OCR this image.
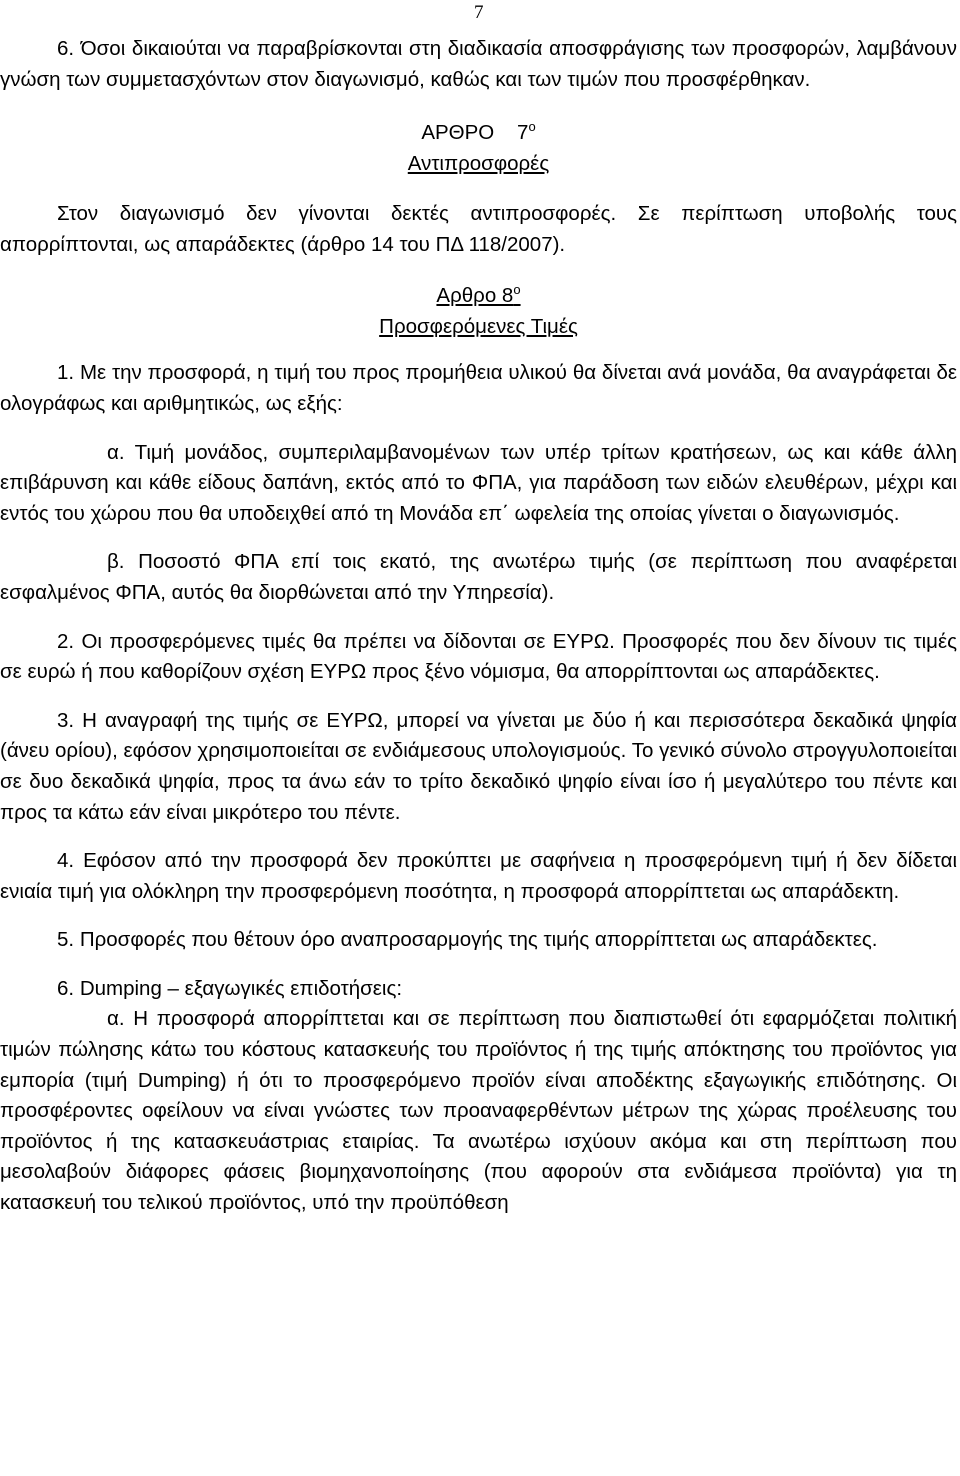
7

6. Όσοι δικαιούται να παραβρίσκονται στη διαδικασία αποσφράγισης των προσφορών, λαμβάνουν γνώση των συμμετασχόντων στον διαγωνισμό, καθώς και των τιμών που προσφέρθηκαν.

ΑΡΘΡΟ $7^o$
Αντιπροσφορές

Στον διαγωνισμό δεν γίνονται δεκτές αντιπροσφορές. Σε περίπτωση υποβολής τους απορρίπτονται, ως απαράδεκτες (άρθρο 14 του ΠΔ 118/2007).

Αρθρο $8^o$
Προσφερόμενες Τιμές

1. Με την προσφορά, η τιμή του προς προμήθεια υλικού θα δίνεται ανά μονάδα, θα αναγράφεται δε ολογράφως και αριθμητικώς, ως εξής:

α. Τιμή μονάδος, συμπεριλαμβανομένων των υπέρ τρίτων κρατήσεων, ως και κάθε άλλη επιβάρυνση και κάθε είδους δαπάνη, εκτός από το ΦΠΑ, για παράδοση των ειδών ελευθέρων, μέχρι και εντός του χώρου που θα υποδειχθεί από τη Μονάδα επ΄ ωφελεία της οποίας γίνεται ο διαγωνισμός.

β. Ποσοστό ΦΠΑ επί τοις εκατό, της ανωτέρω τιμής (σε περίπτωση που αναφέρεται εσφαλμένος ΦΠΑ, αυτός θα διορθώνεται από την Υπηρεσία).

2. Οι προσφερόμενες τιμές θα πρέπει να δίδονται σε ΕΥΡΩ. Προσφορές που δεν δίνουν τις τιμές σε ευρώ ή που καθορίζουν σχέση ΕΥΡΩ προς ξένο νόμισμα, θα απορρίπτονται ως απαράδεκτες.

3. Η αναγραφή της τιμής σε ΕΥΡΩ, μπορεί να γίνεται με δύο ή και περισσότερα δεκαδικά ψηφία (άνευ ορίου), εφόσον χρησιμοποιείται σε ενδιάμεσους υπολογισμούς. Το γενικό σύνολο στρογγυλοποιείται σε δυο δεκαδικά ψηφία, προς τα άνω εάν το τρίτο δεκαδικό ψηφίο είναι ίσο ή μεγαλύτερο του πέντε και προς τα κάτω εάν είναι μικρότερο του πέντε.

4. Εφόσον από την προσφορά δεν προκύπτει με σαφήνεια η προσφερόμενη τιμή ή δεν δίδεται ενιαία τιμή για ολόκληρη την προσφερόμενη ποσότητα, η προσφορά απορρίπτεται ως απαράδεκτη.

5. Προσφορές που θέτουν όρο αναπροσαρμογής της τιμής απορρίπτεται ως απαράδεκτες.

6. Dumping – εξαγωγικές επιδοτήσεις:

α. Η προσφορά απορρίπτεται και σε περίπτωση που διαπιστωθεί ότι εφαρμόζεται πολιτική τιμών πώλησης κάτω του κόστους κατασκευής του προϊόντος ή της τιμής απόκτησης του προϊόντος για εμπορία (τιμή Dumping) ή ότι το προσφερόμενο προϊόν είναι αποδέκτης εξαγωγικής επιδότησης. Οι προσφέροντες οφείλουν να είναι γνώστες των προαναφερθέντων μέτρων της χώρας προέλευσης του προϊόντος ή της κατασκευάστριας εταιρίας. Τα ανωτέρω ισχύουν ακόμα και στη περίπτωση που μεσολαβούν διάφορες φάσεις βιομηχανοποίησης (που αφορούν στα ενδιάμεσα προϊόντα) για τη κατασκευή του τελικού προϊόντος, υπό την προϋπόθεση
